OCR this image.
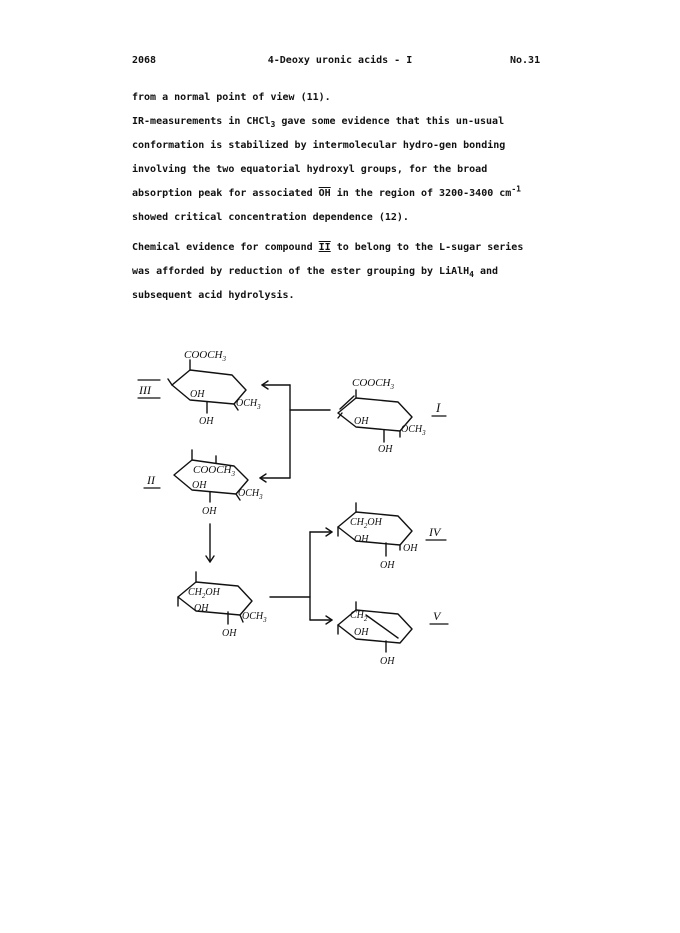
2068	4-Deoxy uronic acids - I	No.31

from a normal point of view (11).

IR-measurements in CHCl$_3$ gave some evidence that this un-usual conformation is stabilized by intermolecular hydro-gen bonding involving the two equatorial hydroxyl groups, for the broad absorption peak for associated $\overline{OH}$ in the region of 3200-3400 $cm^{-1}$ showed critical concentration dependence (12).

Chemical evidence for compound II to belong to the L-sugar series was afforded by reduction of the ester grouping by LiAlH$_4$ and subsequent acid hydrolysis.

III
II
I
IV
V
$COOCH_3$
OH
$OCH_3$
OH
$COOCH_3$
OH
$OCH_3$
OH
$COOCH_3$
OH
$OCH_3$
OH
$CH_2OH$
OH
$OCH_3$
OH
$CH_2OH$
OH
OH
OH
$CH_2$
OH
OH
